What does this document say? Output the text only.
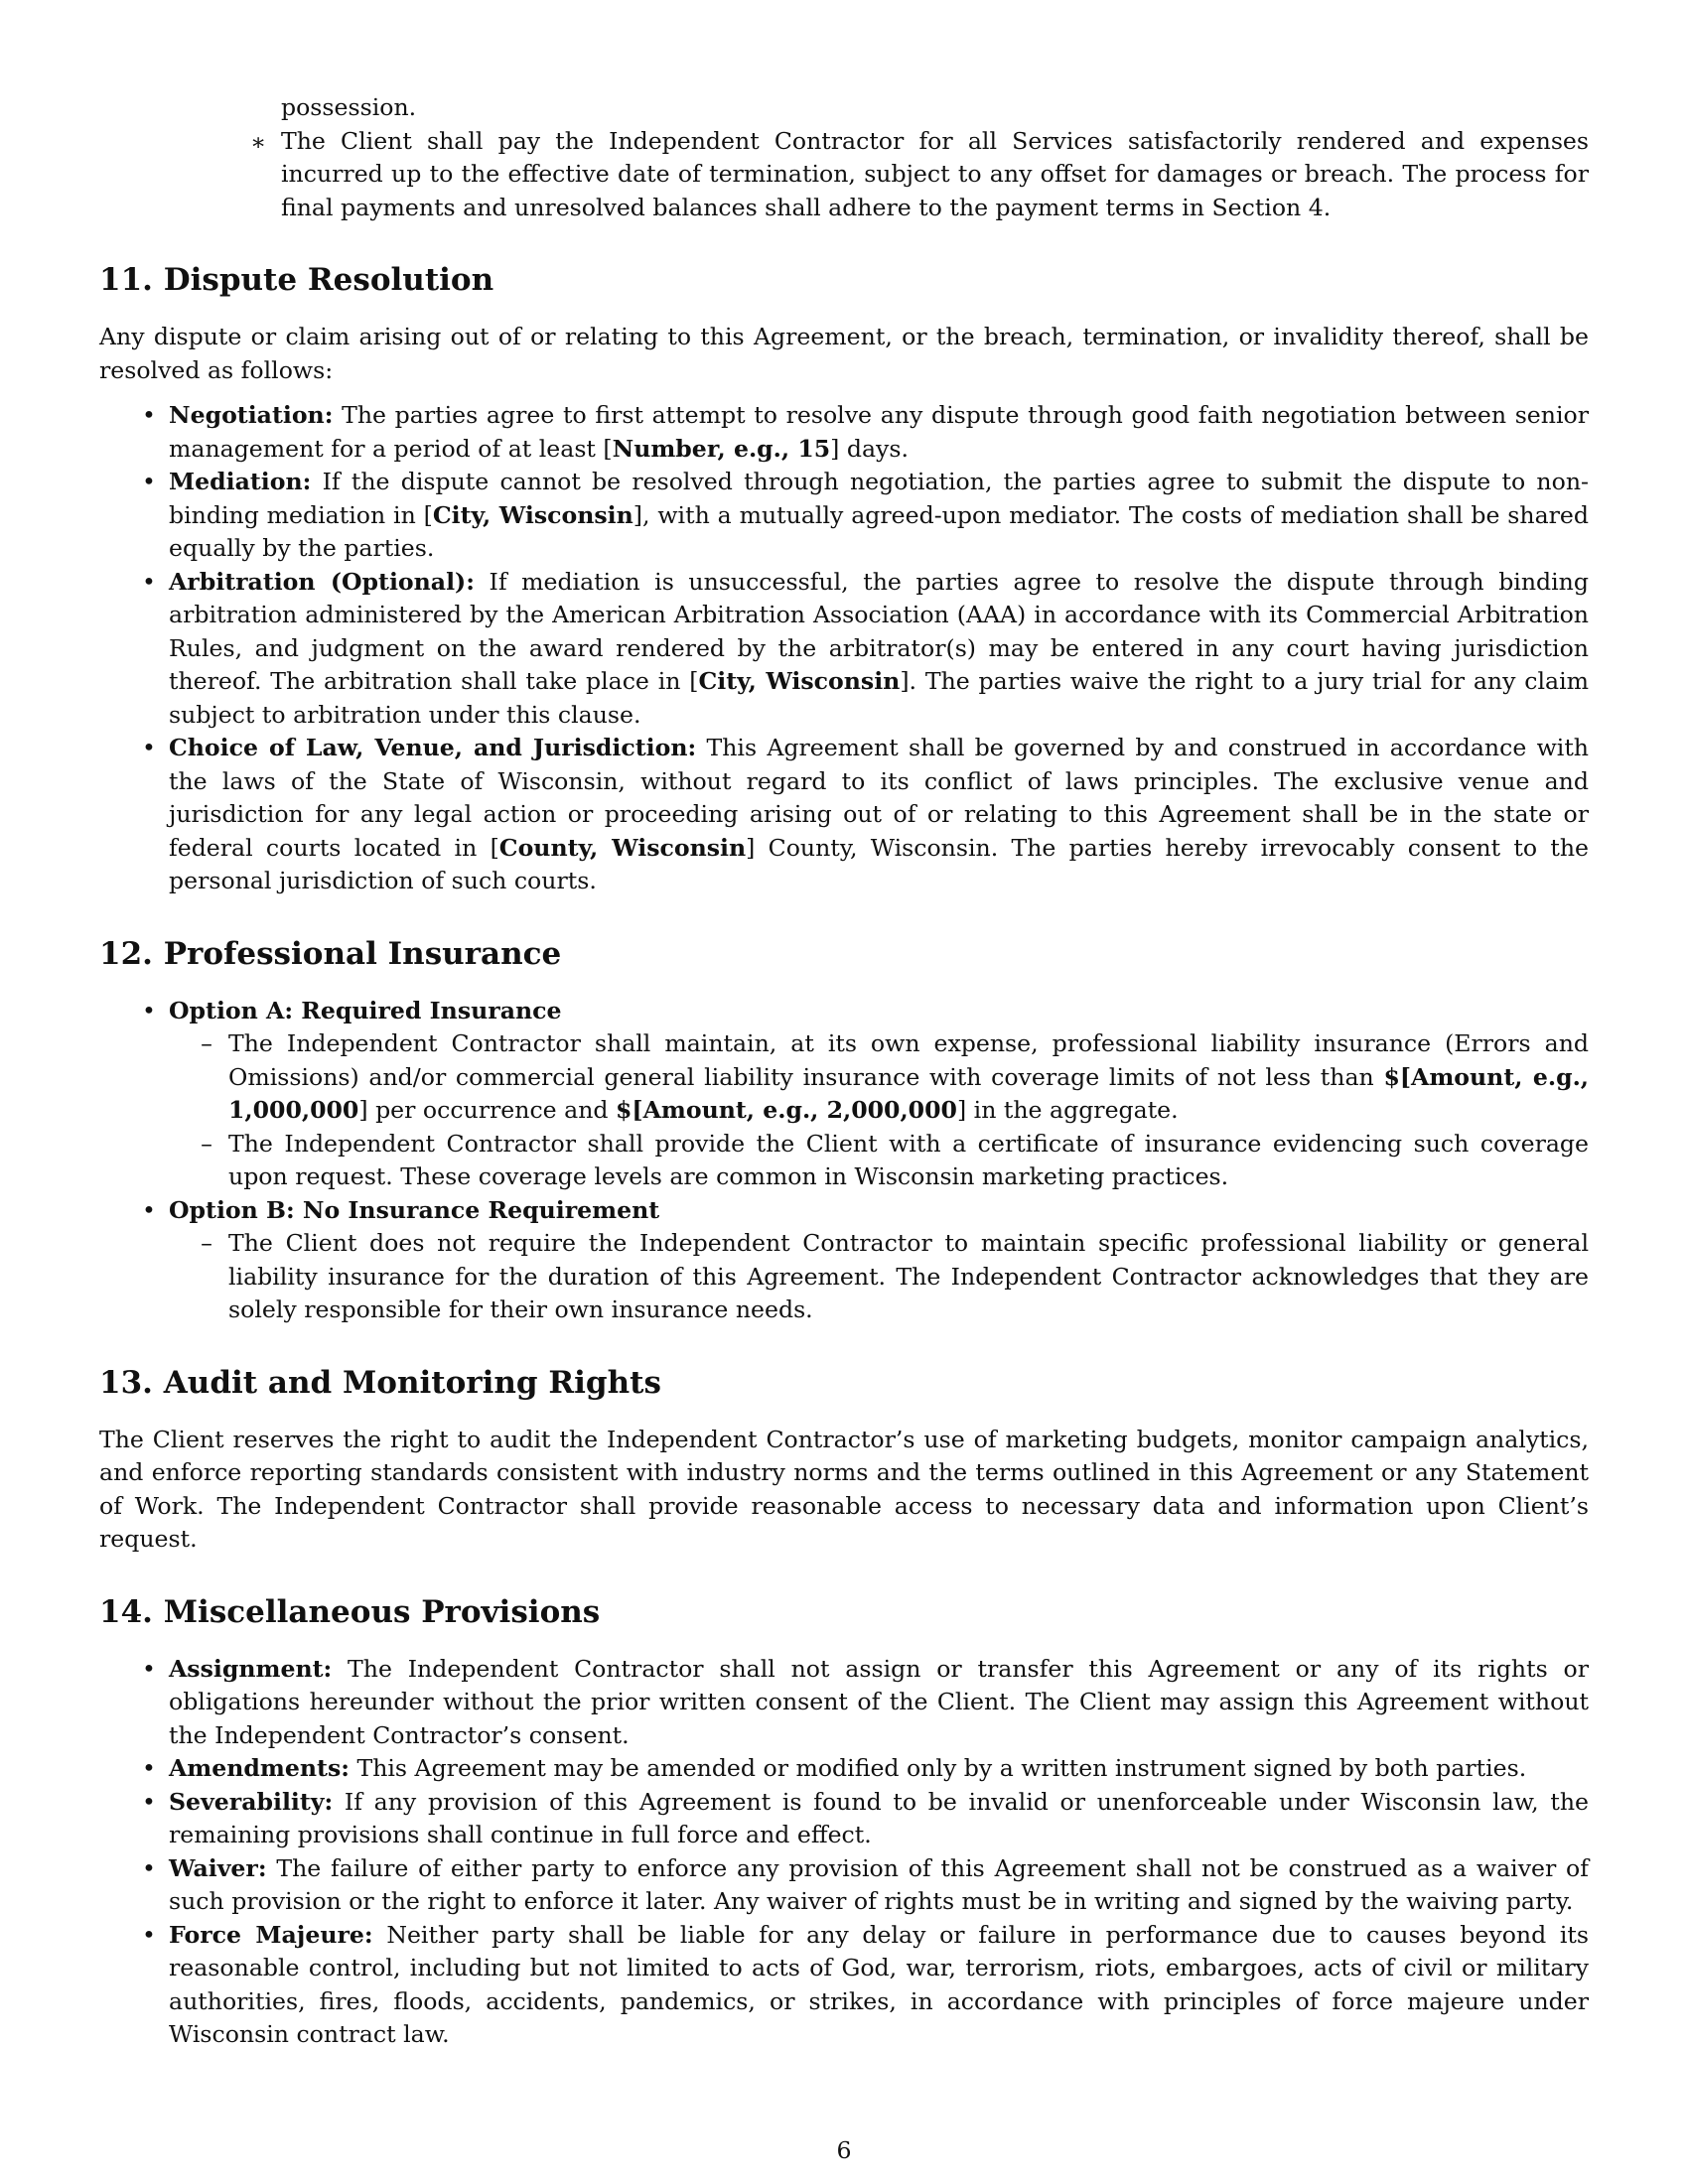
possession.

∗ The Client shall pay the Independent Contractor for all Services satisfactorily rendered and expenses incurred up to the effective date of termination, subject to any offset for damages or breach. The process for final payments and unresolved balances shall adhere to the payment terms in Section 4.

11. Dispute Resolution

Any dispute or claim arising out of or relating to this Agreement, or the breach, termination, or invalidity thereof, shall be resolved as follows:

• Negotiation: The parties agree to first attempt to resolve any dispute through good faith negotiation between senior management for a period of at least [Number, e.g., 15] days.
• Mediation: If the dispute cannot be resolved through negotiation, the parties agree to submit the dispute to non-binding mediation in [City, Wisconsin], with a mutually agreed-upon mediator. The costs of mediation shall be shared equally by the parties.
• Arbitration (Optional): If mediation is unsuccessful, the parties agree to resolve the dispute through binding arbitration administered by the American Arbitration Association (AAA) in accordance with its Commercial Arbitration Rules, and judgment on the award rendered by the arbitrator(s) may be entered in any court having jurisdiction thereof. The arbitration shall take place in [City, Wisconsin]. The parties waive the right to a jury trial for any claim subject to arbitration under this clause.
• Choice of Law, Venue, and Jurisdiction: This Agreement shall be governed by and construed in accordance with the laws of the State of Wisconsin, without regard to its conflict of laws principles. The exclusive venue and jurisdiction for any legal action or proceeding arising out of or relating to this Agreement shall be in the state or federal courts located in [County, Wisconsin] County, Wisconsin. The parties hereby irrevocably consent to the personal jurisdiction of such courts.
12. Professional Insurance
• Option A: Required Insurance
– The Independent Contractor shall maintain, at its own expense, professional liability insurance (Errors and Omissions) and/or commercial general liability insurance with coverage limits of not less than $[Amount, e.g., 1,000,000] per occurrence and $[Amount, e.g., 2,000,000] in the aggregate.
– The Independent Contractor shall provide the Client with a certificate of insurance evidencing such coverage upon request. These coverage levels are common in Wisconsin marketing practices.
• Option B: No Insurance Requirement
– The Client does not require the Independent Contractor to maintain specific professional liability or general liability insurance for the duration of this Agreement. The Independent Contractor acknowledges that they are solely responsible for their own insurance needs.
13. Audit and Monitoring Rights

The Client reserves the right to audit the Independent Contractor’s use of marketing budgets, monitor campaign analytics, and enforce reporting standards consistent with industry norms and the terms outlined in this Agreement or any Statement of Work. The Independent Contractor shall provide reasonable access to necessary data and information upon Client’s request.

14. Miscellaneous Provisions
• Assignment: The Independent Contractor shall not assign or transfer this Agreement or any of its rights or obligations hereunder without the prior written consent of the Client. The Client may assign this Agreement without the Independent Contractor’s consent.
• Amendments: This Agreement may be amended or modified only by a written instrument signed by both parties.
• Severability: If any provision of this Agreement is found to be invalid or unenforceable under Wisconsin law, the remaining provisions shall continue in full force and effect.
• Waiver: The failure of either party to enforce any provision of this Agreement shall not be construed as a waiver of such provision or the right to enforce it later. Any waiver of rights must be in writing and signed by the waiving party.
• Force Majeure: Neither party shall be liable for any delay or failure in performance due to causes beyond its reasonable control, including but not limited to acts of God, war, terrorism, riots, embargoes, acts of civil or military authorities, fires, floods, accidents, pandemics, or strikes, in accordance with principles of force majeure under Wisconsin contract law.
6
